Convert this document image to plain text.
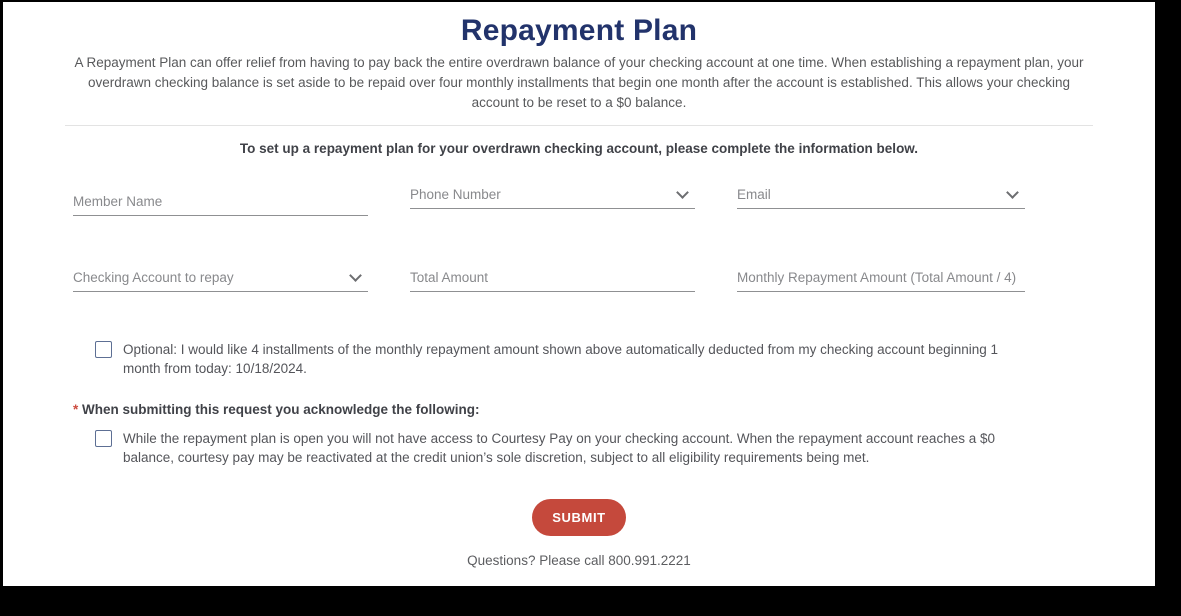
Repayment Plan

A Repayment Plan can offer relief from having to pay back the entire overdrawn balance of your checking account at one time. When establishing a repayment plan, your overdrawn checking balance is set aside to be repaid over four monthly installments that begin one month after the account is established. This allows your checking account to be reset to a $0 balance.

To set up a repayment plan for your overdrawn checking account, please complete the information below.

Member Name
Phone Number
Email
Checking Account to repay
Total Amount
Monthly Repayment Amount (Total Amount / 4)
Optional: I would like 4 installments of the monthly repayment amount shown above automatically deducted from my checking account beginning 1 month from today: 10/18/2024.

* When submitting this request you acknowledge the following:

While the repayment plan is open you will not have access to Courtesy Pay on your checking account. When the repayment account reaches a $0 balance, courtesy pay may be reactivated at the credit union’s sole discretion, subject to all eligibility requirements being met.
SUBMIT

Questions? Please call 800.991.2221
